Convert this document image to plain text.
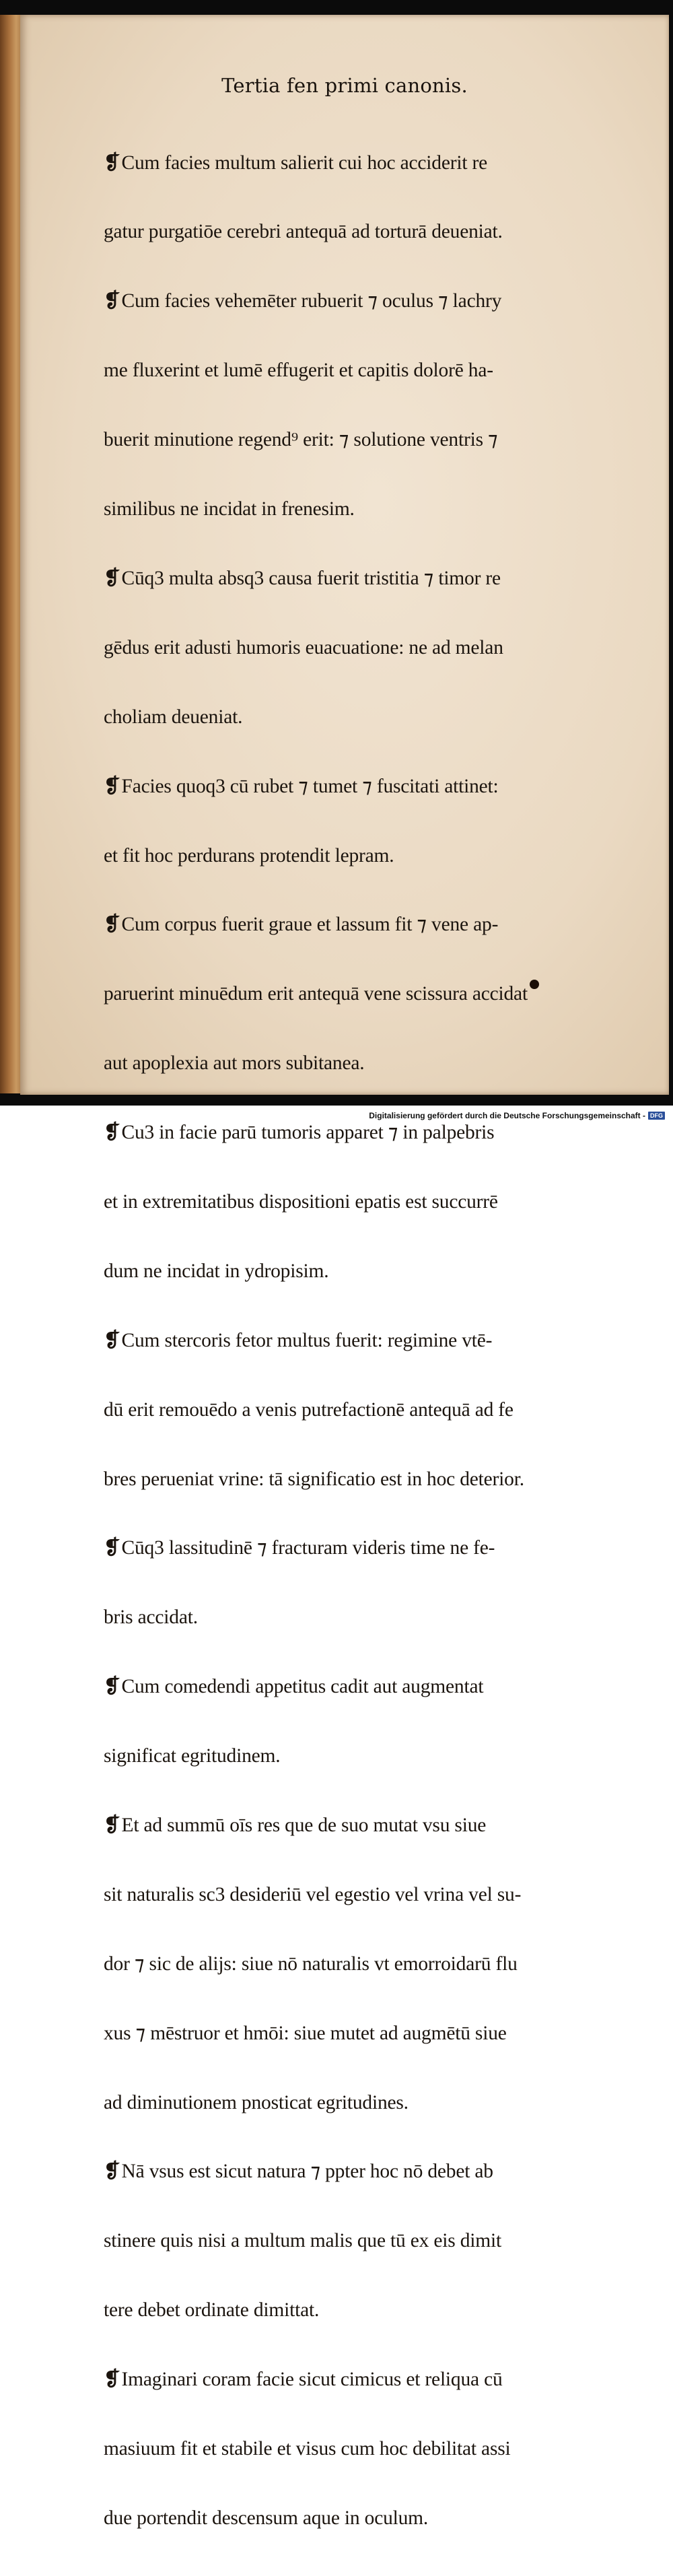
Tertia fen primi canonis.

❡Cum facies multum salierit cui hoc acciderit re

gatur purgatiōe cerebri antequā ad torturā deueniat.

❡Cum facies vehemēter rubuerit ⁊ oculus ⁊ lachry

me fluxerint et lumē effugerit et capitis dolorē ha-

buerit minutione regend⁹ erit: ⁊ solutione ventris ⁊

similibus ne incidat in frenesim.

❡Cūq3 multa absq3 causa fuerit tristitia ⁊ timor re

gēdus erit adusti humoris euacuatione: ne ad melan

choliam deueniat.

❡Facies quoq3 cū rubet ⁊ tumet ⁊ fuscitati attinet:

et fit hoc perdurans protendit lepram.

❡Cum corpus fuerit graue et lassum fit ⁊ vene ap-

paruerint minuēdum erit antequā vene scissura accidat

aut apoplexia aut mors subitanea.

❡Cu3 in facie parū tumoris apparet ⁊ in palpebris

et in extremitatibus dispositioni epatis est succurrē

dum ne incidat in ydropisim.

❡Cum stercoris fetor multus fuerit: regimine vtē-

dū erit remouēdo a venis putrefactionē antequā ad fe

bres perueniat vrine: tā significatio est in hoc deterior.

❡Cūq3 lassitudinē ⁊ fracturam videris time ne fe-

bris accidat.

❡Cum comedendi appetitus cadit aut augmentat

significat egritudinem.

❡Et ad summū oīs res que de suo mutat vsu siue

sit naturalis sc3 desideriū vel egestio vel vrina vel su-

dor ⁊ sic de alijs: siue nō naturalis vt emorroidarū flu

xus ⁊ mēstruor et hmōi: siue mutet ad augmētū siue

ad diminutionem pnosticat egritudines.

❡Nā vsus est sicut natura ⁊ ppter hoc nō debet ab

stinere quis nisi a multum malis que tū ex eis dimit

tere debet ordinate dimittat.

❡Imaginari coram facie sicut cimicus et reliqua cū

masiuum fit et stabile et visus cum hoc debilitat assi

due portendit descensum aque in oculum.

Digitalisierung gefördert durch die Deutsche Forschungsgemeinschaft - DFG
